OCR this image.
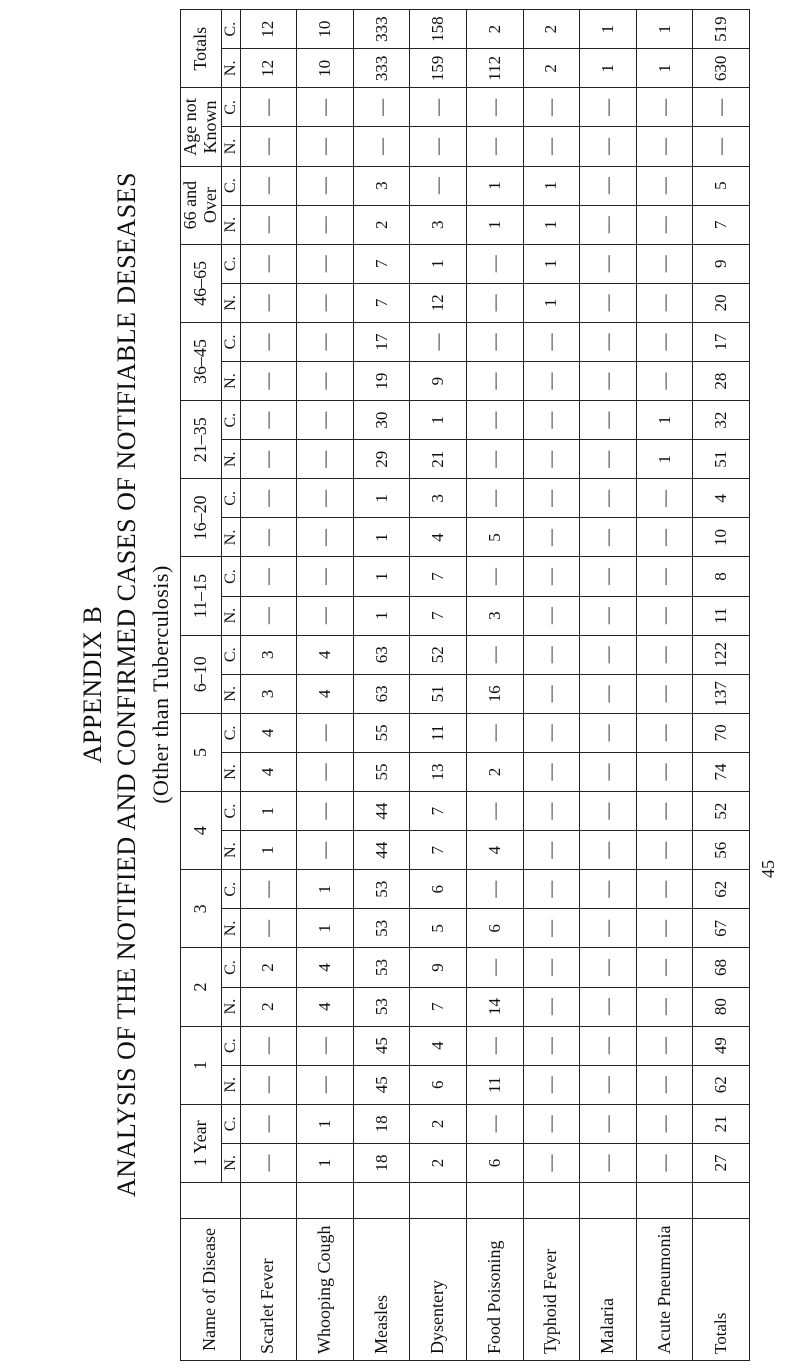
APPENDIX B ANALYSIS OF THE NOTIFIED AND CONFIRMED CASES OF NOTIFIABLE DESEASES (Other than Tuberculosis)
Name of Disease		1 Year		1		2		3		4		5		6–10		11–15		16–20		21–35		36–45		46–65		66 and Over		Age not Known		Totals	
		N.	C.	N.	C.	N.	C.	N.	C.	N.	C.	N.	C.	N.	C.	N.	C.	N.	C.	N.	C.	N.	C.	N.	C.	N.	C.	N.	C.	N.	C.
Scarlet Fever		—	—	—	—	2	2	—	—	1	1	4	4	3	3	—	—	—	—	—	—	—	—	—	—	—	—	—	—	12	12
Whooping Cough		1	1	—	—	4	4	1	1	—	—	—	—	4	4	—	—	—	—	—	—	—	—	—	—	—	—	—	—	10	10
Measles		18	18	45	45	53	53	53	53	44	44	55	55	63	63	1	1	1	1	29	30	19	17	7	7	2	3	—	—	333	333
Dysentery		2	2	6	4	7	9	5	6	7	7	13	11	51	52	7	7	4	3	21	1	9	—	12	1	3	—	—	—	159	158
Food Poisoning		6	—	11	—	14	—	6	—	4	—	2	—	16	—	3	—	5	—	—	—	—	—	—	—	1	1	—	—	112	2
Typhoid Fever		—	—	—	—	—	—	—	—	—	—	—	—	—	—	—	—	—	—	—	—	—	—	1	1	1	1	—	—	2	2
Malaria		—	—	—	—	—	—	—	—	—	—	—	—	—	—	—	—	—	—	—	—	—	—	—	—	—	—	—	—	1	1
Acute Pneumonia		—	—	—	—	—	—	—	—	—	—	—	—	—	—	—	—	—	—	1	1	—	—	—	—	—	—	—	—	1	1
Totals		27	21	62	49	80	68	67	62	56	52	74	70	137	122	11	8	10	4	51	32	28	17	20	9	7	5	—	—	630	519
45
